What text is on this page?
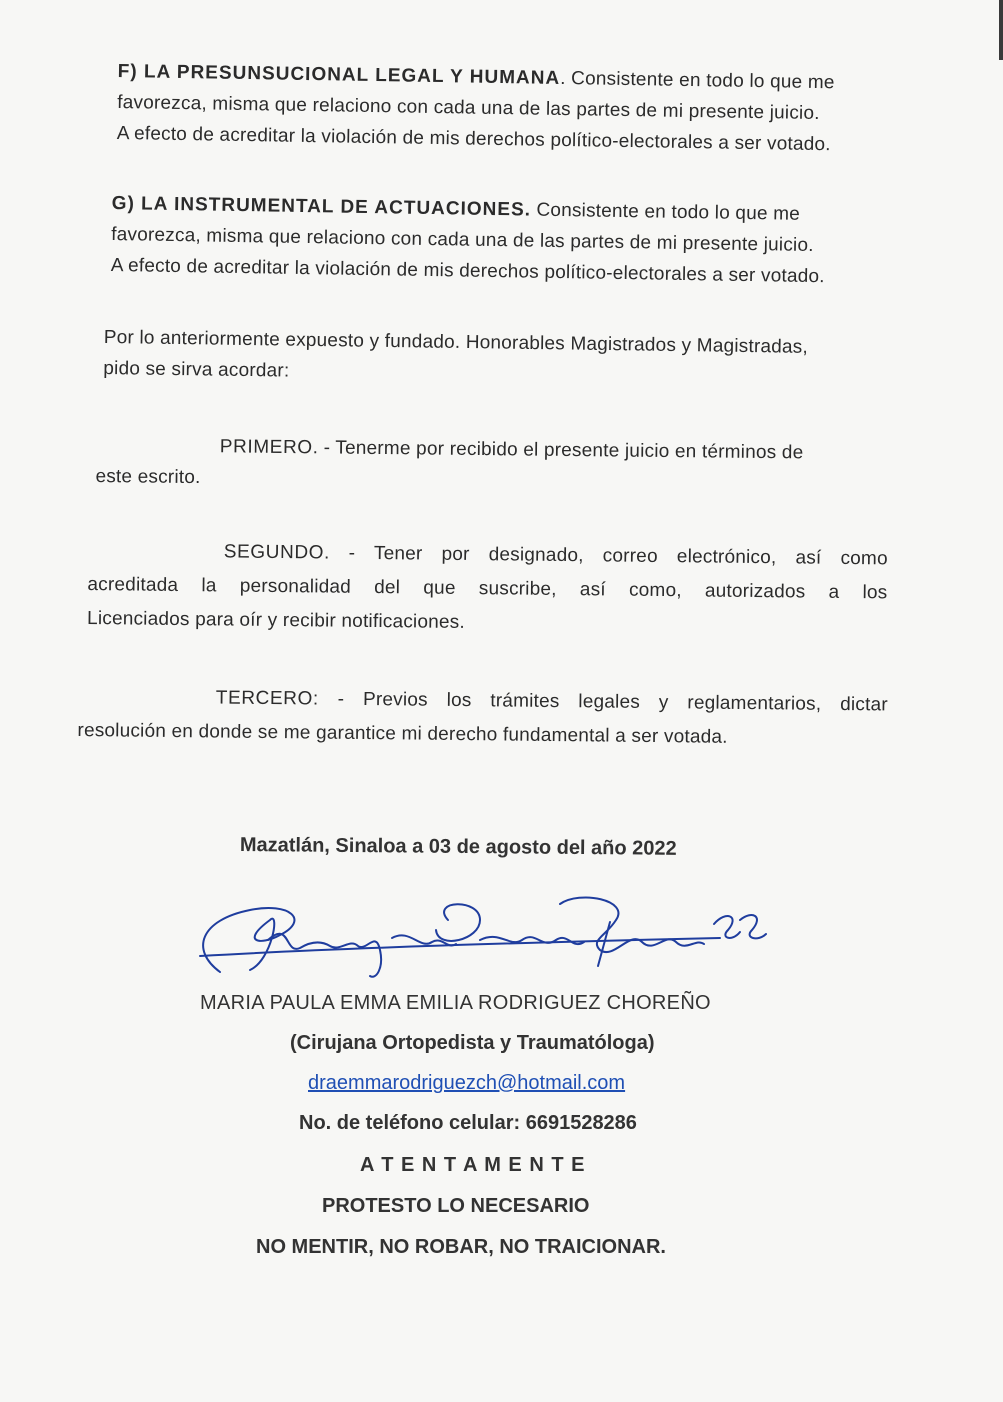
F) LA PRESUNSUCIONAL LEGAL Y HUMANA. Consistente en todo lo que me
favorezca, misma que relaciono con cada una de las partes de mi presente juicio.
A efecto de acreditar la violación de mis derechos político-electorales a ser votado.
G) LA INSTRUMENTAL DE ACTUACIONES. Consistente en todo lo que me
favorezca, misma que relaciono con cada una de las partes de mi presente juicio.
A efecto de acreditar la violación de mis derechos político-electorales a ser votado.
Por lo anteriormente expuesto y fundado. Honorables Magistrados y Magistradas,
pido se sirva acordar:
PRIMERO. - Tenerme por recibido el presente juicio en términos de
este escrito.
SEGUNDO. - Tener por designado, correo electrónico, así como
acreditada la personalidad del que suscribe, así como, autorizados a los
Licenciados para oír y recibir notificaciones.
TERCERO: - Previos los trámites legales y reglamentarios, dictar
resolución en donde se me garantice mi derecho fundamental a ser votada.
Mazatlán, Sinaloa a 03 de agosto del año 2022
MARIA PAULA EMMA EMILIA RODRIGUEZ CHOREÑO
(Cirujana Ortopedista y Traumatóloga)
draemmarodriguezch@hotmail.com
No. de teléfono celular: 6691528286
A T E N T A M E N T E
PROTESTO LO NECESARIO
NO MENTIR, NO ROBAR, NO TRAICIONAR.
